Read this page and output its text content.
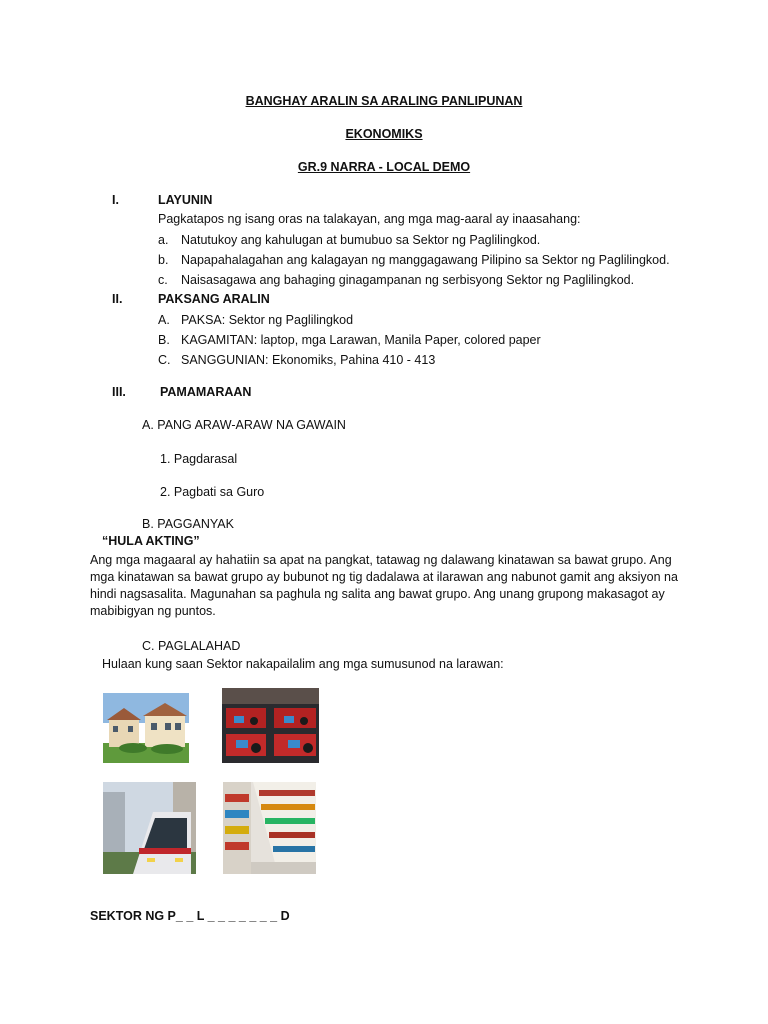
BANGHAY ARALIN SA ARALING PANLIPUNAN
EKONOMIKS
GR.9 NARRA - LOCAL DEMO
I.	LAYUNIN
Pagkatapos ng isang oras na talakayan, ang mga mag-aaral ay inaasahang:
a. Natutukoy ang kahulugan at bumubuo sa Sektor ng Paglilingkod.
b. Napapahalagahan ang kalagayan ng manggagawang Pilipino sa Sektor ng Paglilingkod.
c. Naisasagawa ang bahaging ginagampanan ng serbisyong Sektor ng Paglilingkod.
II.	PAKSANG ARALIN
A. PAKSA: Sektor ng Paglilingkod
B. KAGAMITAN: laptop, mga Larawan, Manila Paper, colored paper
C. SANGGUNIAN: Ekonomiks, Pahina 410 - 413
III.	PAMAMARAAN
A. PANG ARAW-ARAW NA GAWAIN
1. Pagdarasal
2. Pagbati sa Guro
B. PAGGANYAK
“HULA AKTING”
Ang mga magaaral ay hahatiin sa apat na pangkat, tatawag ng dalawang kinatawan sa bawat grupo. Ang mga kinatawan sa bawat grupo ay bubunot ng tig dadalawa at ilarawan ang nabunot gamit ang aksiyon na hindi nagsasalita. Magunahan sa paghula ng salita ang bawat grupo. Ang unang grupong makasagot ay mabibigyan ng puntos.
C. PAGLALAHAD
Hulaan kung saan Sektor nakapailalim ang mga sumusunod na larawan:
SEKTOR NG P_ _ L _ _ _ _ _ _ _ D
